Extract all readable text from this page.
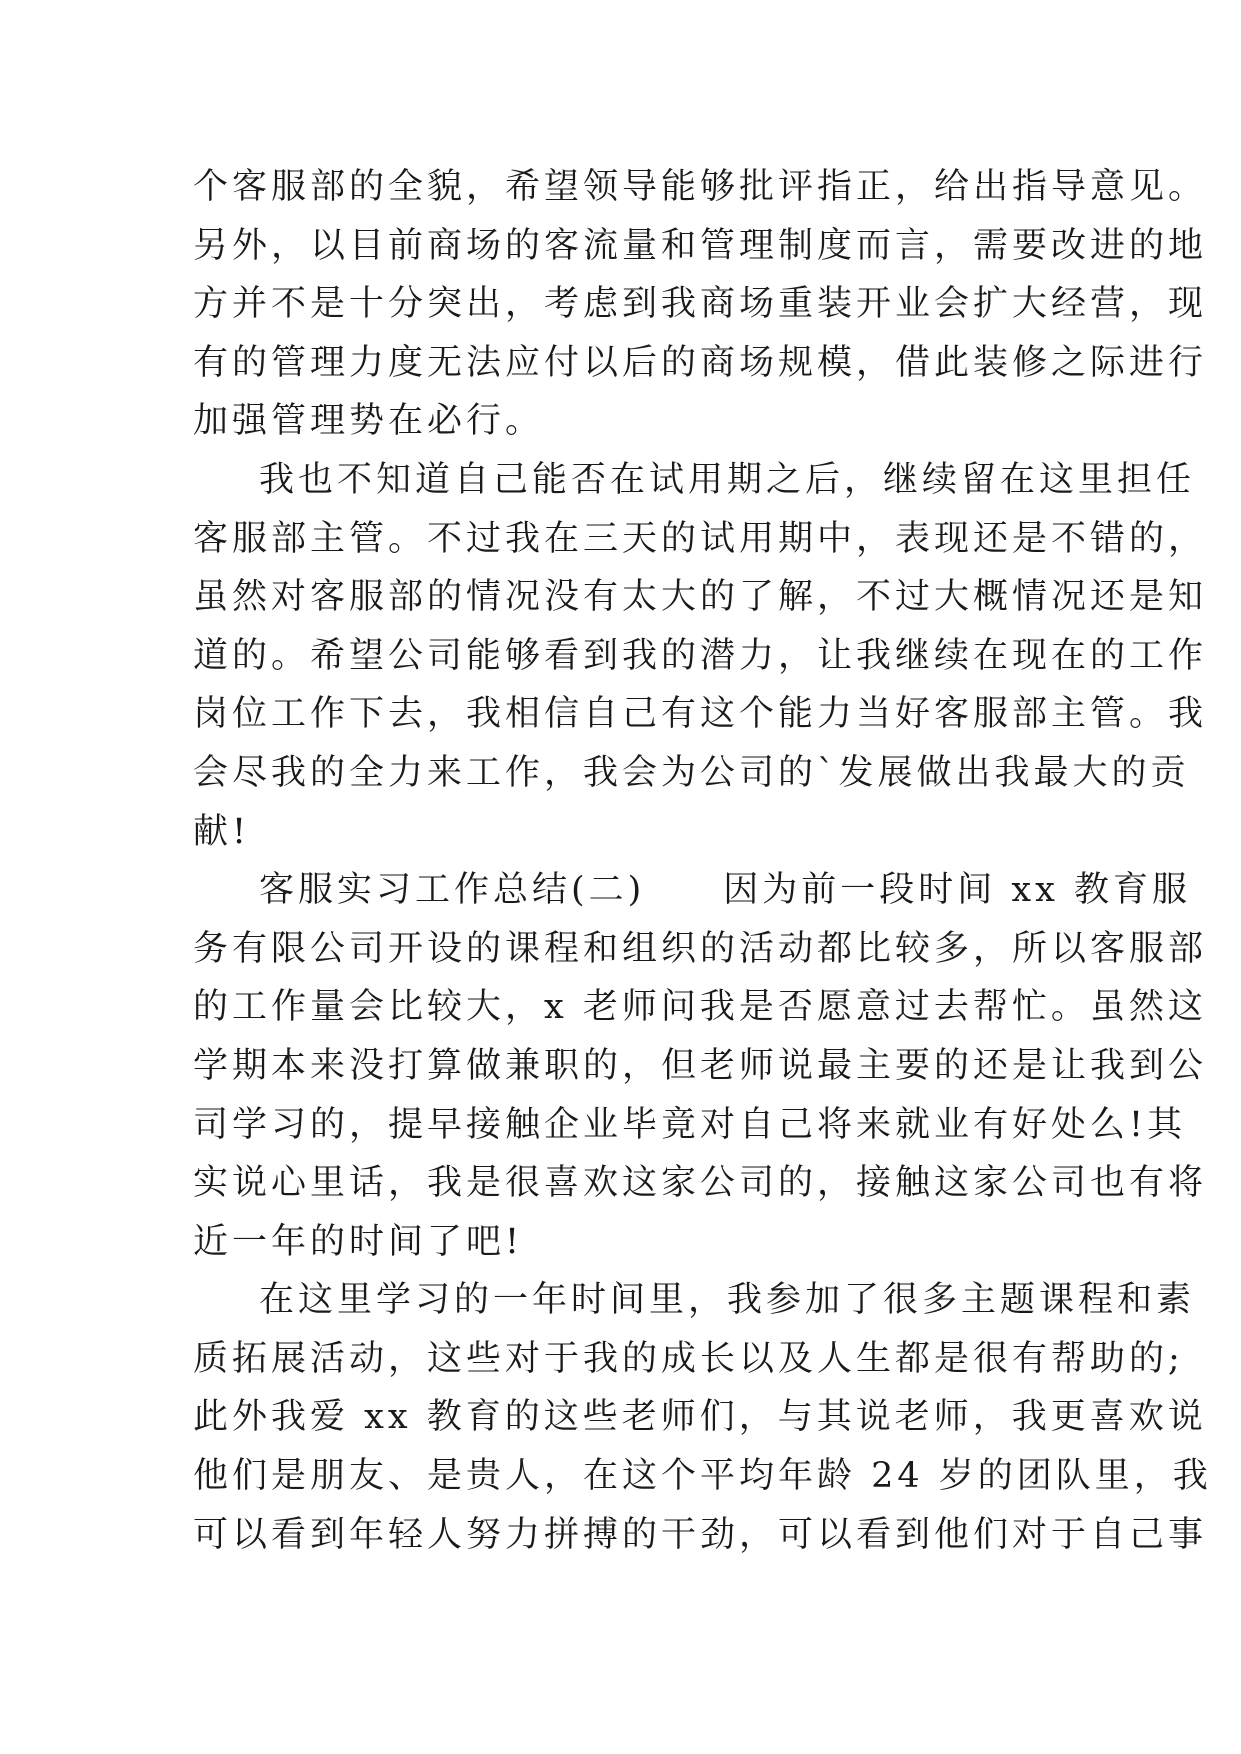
个客服部的全貌，希望领导能够批评指正，给出指导意见。
另外，以目前商场的客流量和管理制度而言，需要改进的地
方并不是十分突出，考虑到我商场重装开业会扩大经营，现
有的管理力度无法应付以后的商场规模，借此装修之际进行
加强管理势在必行。
我也不知道自己能否在试用期之后，继续留在这里担任
客服部主管。不过我在三天的试用期中，表现还是不错的，
虽然对客服部的情况没有太大的了解，不过大概情况还是知
道的。希望公司能够看到我的潜力，让我继续在现在的工作
岗位工作下去，我相信自己有这个能力当好客服部主管。我
会尽我的全力来工作，我会为公司的`发展做出我最大的贡
献!
客服实习工作总结(二)　　因为前一段时间 xx 教育服
务有限公司开设的课程和组织的活动都比较多，所以客服部
的工作量会比较大，x 老师问我是否愿意过去帮忙。虽然这
学期本来没打算做兼职的，但老师说最主要的还是让我到公
司学习的，提早接触企业毕竟对自己将来就业有好处么!其
实说心里话，我是很喜欢这家公司的，接触这家公司也有将
近一年的时间了吧!
在这里学习的一年时间里，我参加了很多主题课程和素
质拓展活动，这些对于我的成长以及人生都是很有帮助的;
此外我爱 xx 教育的这些老师们，与其说老师，我更喜欢说
他们是朋友、是贵人，在这个平均年龄 24 岁的团队里，我
可以看到年轻人努力拼搏的干劲，可以看到他们对于自己事
